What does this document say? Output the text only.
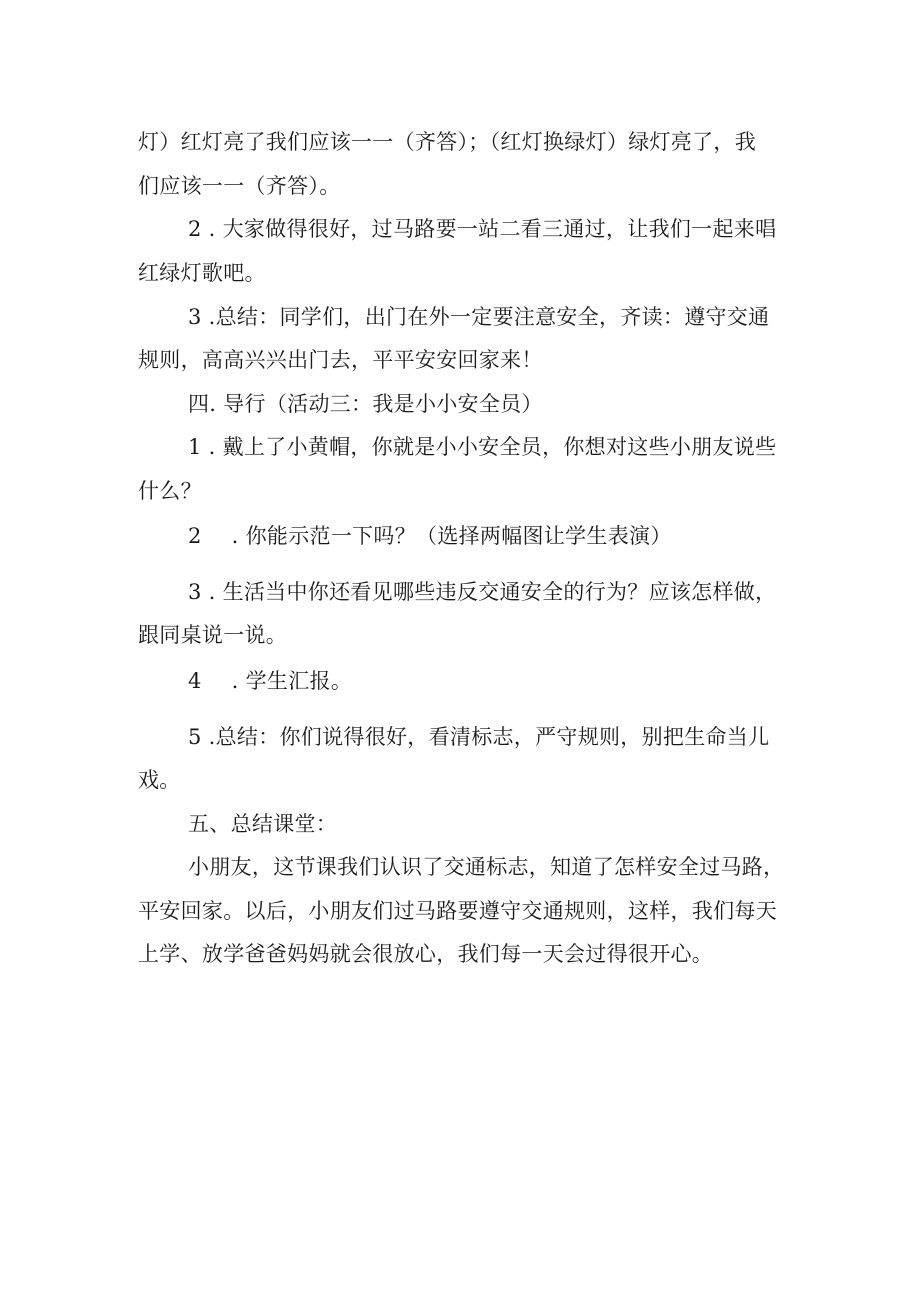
灯）红灯亮了我们应该一一（齐答）；（红灯换绿灯）绿灯亮了，我
们应该一一（齐答）。
2 . 大家做得很好，过马路要一站二看三通过，让我们一起来唱
红绿灯歌吧。
3 .总结：同学们，出门在外一定要注意安全，齐读：遵守交通
规则，高高兴兴出门去，平平安安回家来！
四. 导行（活动三：我是小小安全员）
1 . 戴上了小黄帽，你就是小小安全员，你想对这些小朋友说些
什么？
2 . 你能示范一下吗？（选择两幅图让学生表演）
3 . 生活当中你还看见哪些违反交通安全的行为？应该怎样做，
跟同桌说一说。
4 . 学生汇报。
5 .总结：你们说得很好，看清标志，严守规则，别把生命当儿
戏。
五、总结课堂：
小朋友，这节课我们认识了交通标志，知道了怎样安全过马路，
平安回家。以后，小朋友们过马路要遵守交通规则，这样，我们每天
上学、放学爸爸妈妈就会很放心，我们每一天会过得很开心。
